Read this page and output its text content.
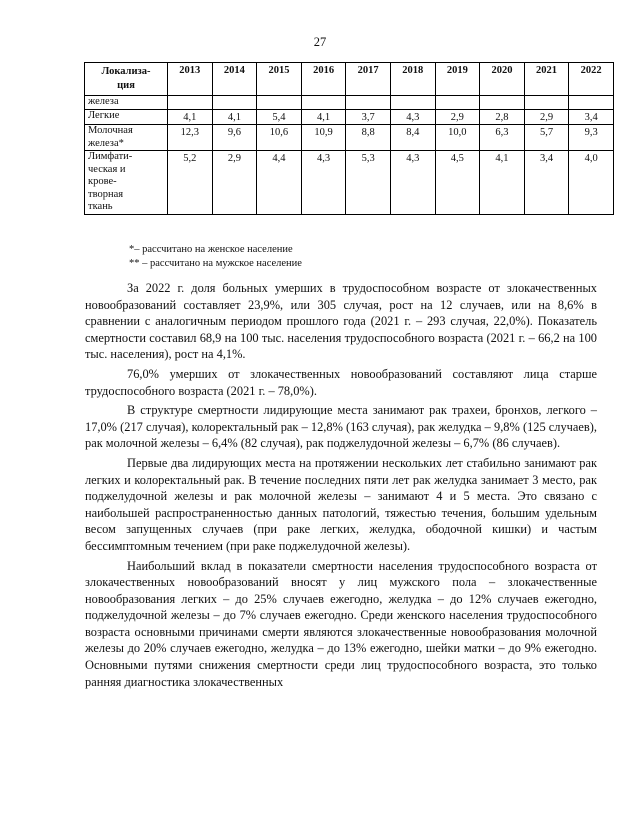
27
Локализа-
ция	2013	2014	2015	2016	2017	2018	2019	2020	2021	2022
железа										
Легкие	4,1	4,1	5,4	4,1	3,7	4,3	2,9	2,8	2,9	3,4
Молочная
железа*	12,3	9,6	10,6	10,9	8,8	8,4	10,0	6,3	5,7	9,3
Лимфати-
ческая и
крове-
творная
ткань	5,2	2,9	4,4	4,3	5,3	4,3	4,5	4,1	3,4	4,0
*– рассчитано на женское население
** – рассчитано на мужское население

За 2022 г. доля больных умерших в трудоспособном возрасте от злокачественных новообразований составляет 23,9%, или 305 случая, рост на 12 случаев, или на 8,6% в сравнении с аналогичным периодом прошлого года (2021 г. – 293 случая, 22,0%). Показатель смертности составил 68,9 на 100 тыс. населения трудоспособного возраста (2021 г. – 66,2 на 100 тыс. населения), рост на 4,1%.

76,0% умерших от злокачественных новообразований составляют лица старше трудоспособного возраста (2021 г. – 78,0%).

В структуре смертности лидирующие места занимают рак трахеи, бронхов, легкого – 17,0% (217 случая), колоректальный рак – 12,8% (163 случая), рак желудка – 9,8% (125 случаев), рак молочной железы – 6,4% (82 случая), рак поджелудочной железы – 6,7% (86 случаев).

Первые два лидирующих места на протяжении нескольких лет стабильно занимают рак легких и колоректальный рак. В течение последних пяти лет рак желудка занимает 3 место, рак поджелудочной железы и рак молочной железы – занимают 4 и 5 места. Это связано с наибольшей распространенностью данных патологий, тяжестью течения, большим удельным весом запущенных случаев (при раке легких, желудка, ободочной кишки) и частым бессимптомным течением (при раке поджелудочной железы).

Наибольший вклад в показатели смертности населения трудоспособного возраста от злокачественных новообразований вносят у лиц мужского пола – злокачественные новообразования легких – до 25% случаев ежегодно, желудка – до 12% случаев ежегодно, поджелудочной железы – до 7% случаев ежегодно. Среди женского населения трудоспособного возраста основными причинами смерти являются злокачественные новообразования молочной железы до 20% случаев ежегодно, желудка – до 13% ежегодно, шейки матки – до 9% ежегодно. Основными путями снижения смертности среди лиц трудоспособного возраста, это только ранняя диагностика злокачественных
